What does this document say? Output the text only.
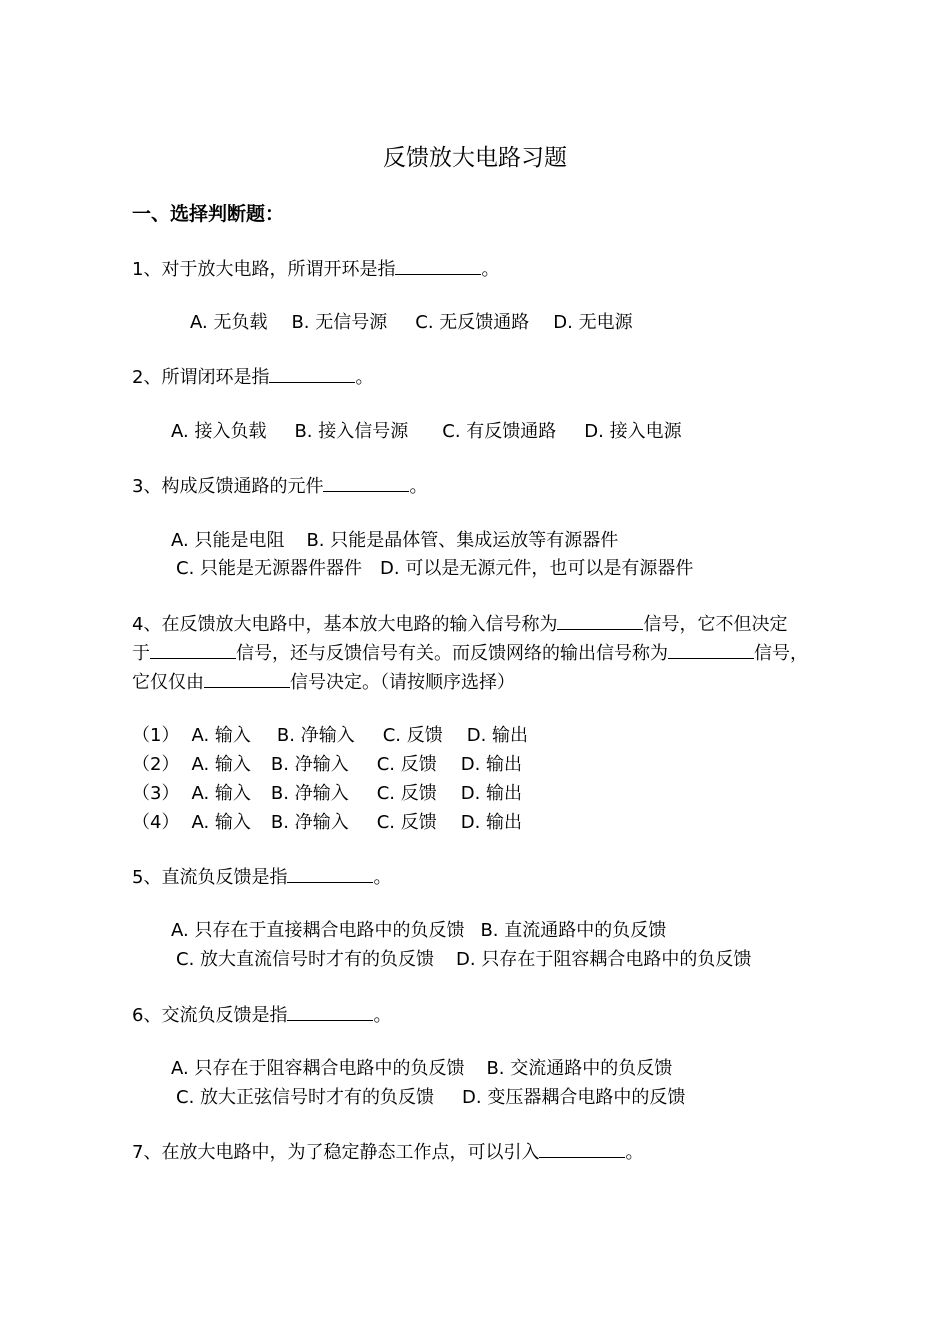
反馈放大电路习题
一、选择判断题：
1、对于放大电路，所谓开环是指	。
A. 无负载 B. 无信号源 C. 无反馈通路 D. 无电源
2、所谓闭环是指	。
A. 接入负载 B. 接入信号源 C. 有反馈通路 D. 接入电源
3、构成反馈通路的元件	。
A. 只能是电阻 B. 只能是晶体管、集成运放等有源器件
C. 只能是无源器件器件 D. 可以是无源元件，也可以是有源器件
4、在反馈放大电路中，基本放大电路的输入信号称为	信号，它不但决定
于	信号，还与反馈信号有关。而反馈网络的输出信号称为	信号，
它仅仅由	信号决定。（请按顺序选择）
（1） A. 输入 B. 净输入 C. 反馈 D. 输出
（2） A. 输入 B. 净输入 C. 反馈 D. 输出
（3） A. 输入 B. 净输入 C. 反馈 D. 输出
（4） A. 输入 B. 净输入 C. 反馈 D. 输出
5、直流负反馈是指	。
A. 只存在于直接耦合电路中的负反馈 B. 直流通路中的负反馈
C. 放大直流信号时才有的负反馈 D. 只存在于阻容耦合电路中的负反馈
6、交流负反馈是指	。
A. 只存在于阻容耦合电路中的负反馈 B. 交流通路中的负反馈
C. 放大正弦信号时才有的负反馈 D. 变压器耦合电路中的反馈
7、在放大电路中，为了稳定静态工作点，可以引入	。
